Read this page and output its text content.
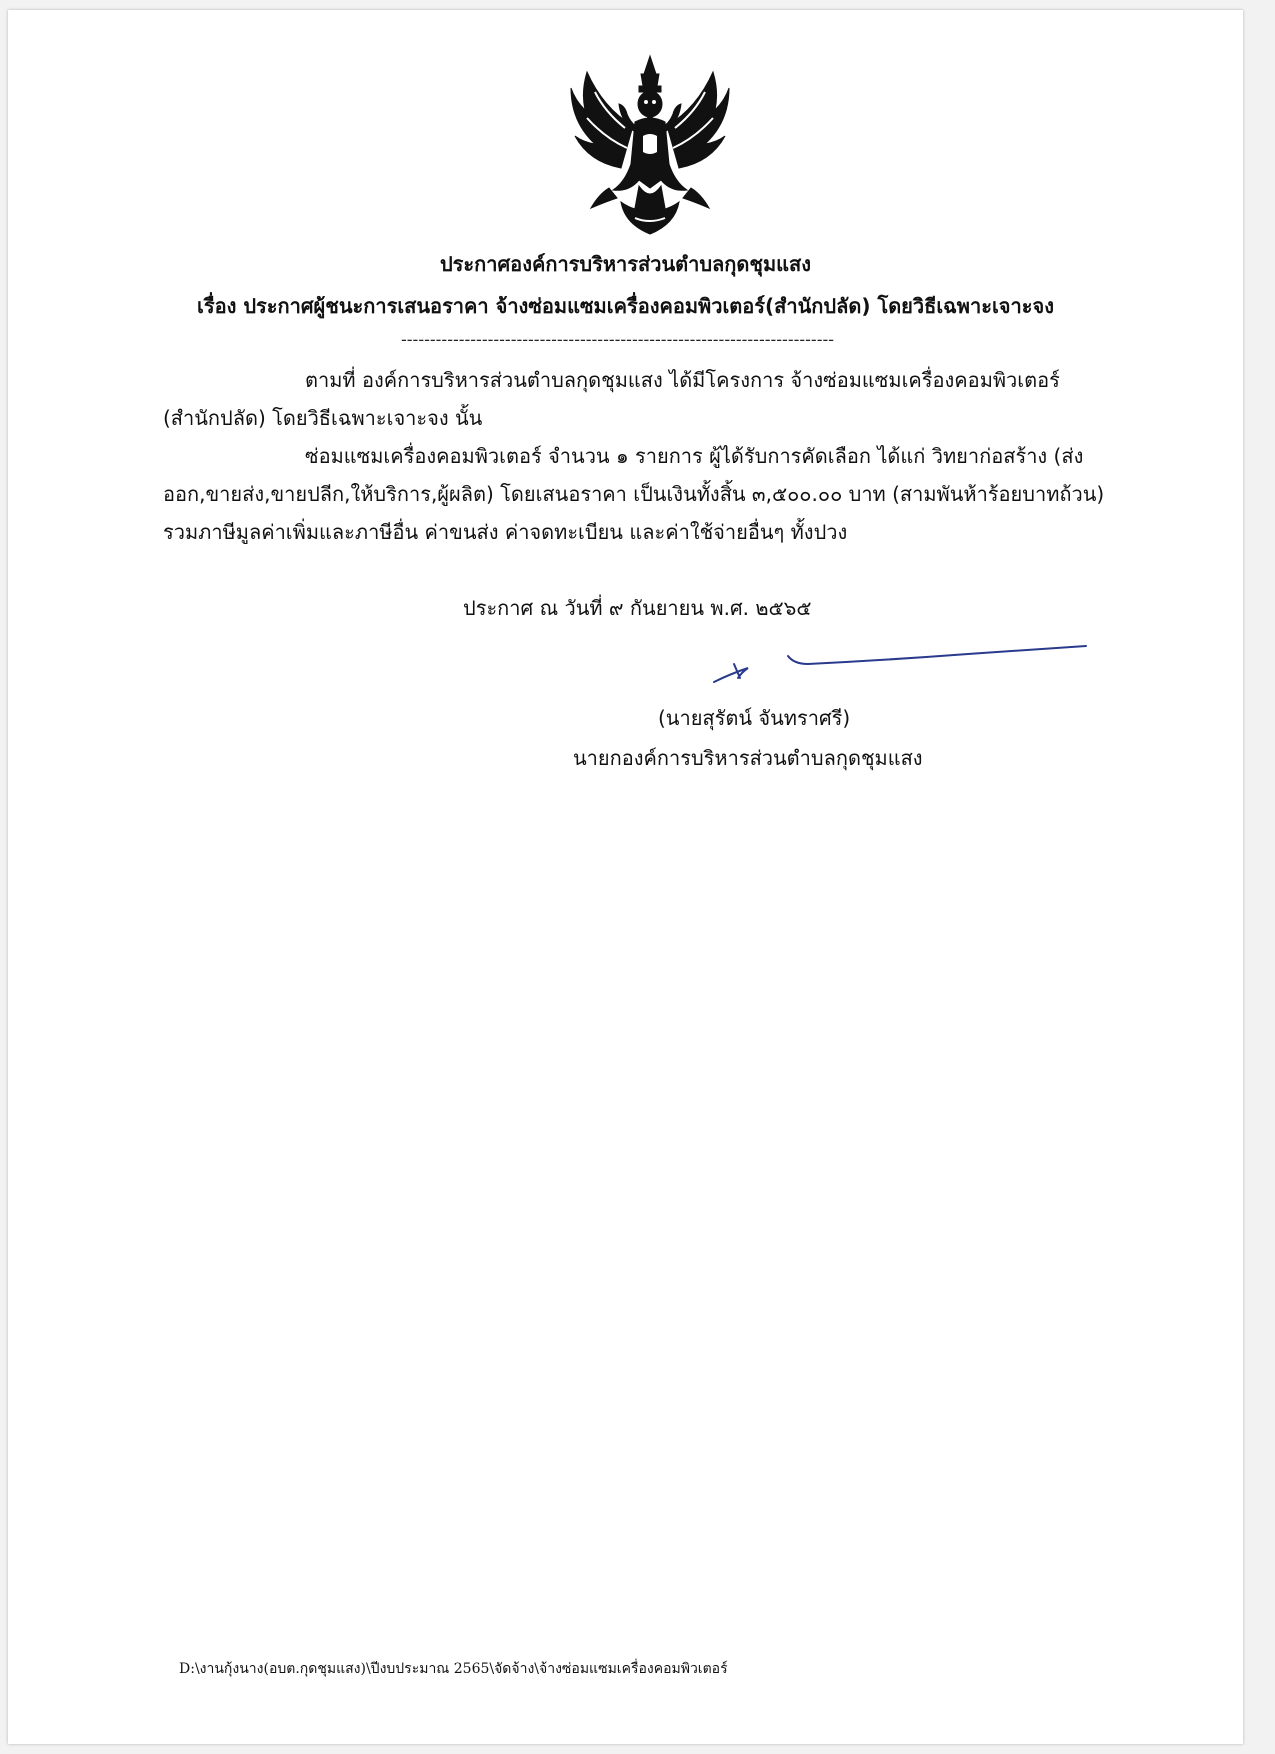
ประกาศองค์การบริหารส่วนตำบลกุดชุมแสง
เรื่อง ประกาศผู้ชนะการเสนอราคา จ้างซ่อมแซมเครื่องคอมพิวเตอร์(สำนักปลัด) โดยวิธีเฉพาะเจาะจง
---------------------------------------------------------------------------
ตามที่ องค์การบริหารส่วนตำบลกุดชุมแสง ได้มีโครงการ จ้างซ่อมแซมเครื่องคอมพิวเตอร์
(สำนักปลัด) โดยวิธีเฉพาะเจาะจง นั้น
ซ่อมแซมเครื่องคอมพิวเตอร์ จำนวน ๑ รายการ ผู้ได้รับการคัดเลือก ได้แก่ วิทยาก่อสร้าง (ส่ง
ออก,ขายส่ง,ขายปลีก,ให้บริการ,ผู้ผลิต) โดยเสนอราคา เป็นเงินทั้งสิ้น ๓,๕๐๐.๐๐ บาท (สามพันห้าร้อยบาทถ้วน)
รวมภาษีมูลค่าเพิ่มและภาษีอื่น ค่าขนส่ง ค่าจดทะเบียน และค่าใช้จ่ายอื่นๆ ทั้งปวง
ประกาศ ณ วันที่ ๙ กันยายน พ.ศ. ๒๕๖๕
(นายสุรัตน์ จันทราศรี)
นายกองค์การบริหารส่วนตำบลกุดชุมแสง
D:\งานกุ้งนาง(อบต.กุดชุมแสง)\ปีงบประมาณ 2565\จัดจ้าง\จ้างซ่อมแซมเครื่องคอมพิวเตอร์
